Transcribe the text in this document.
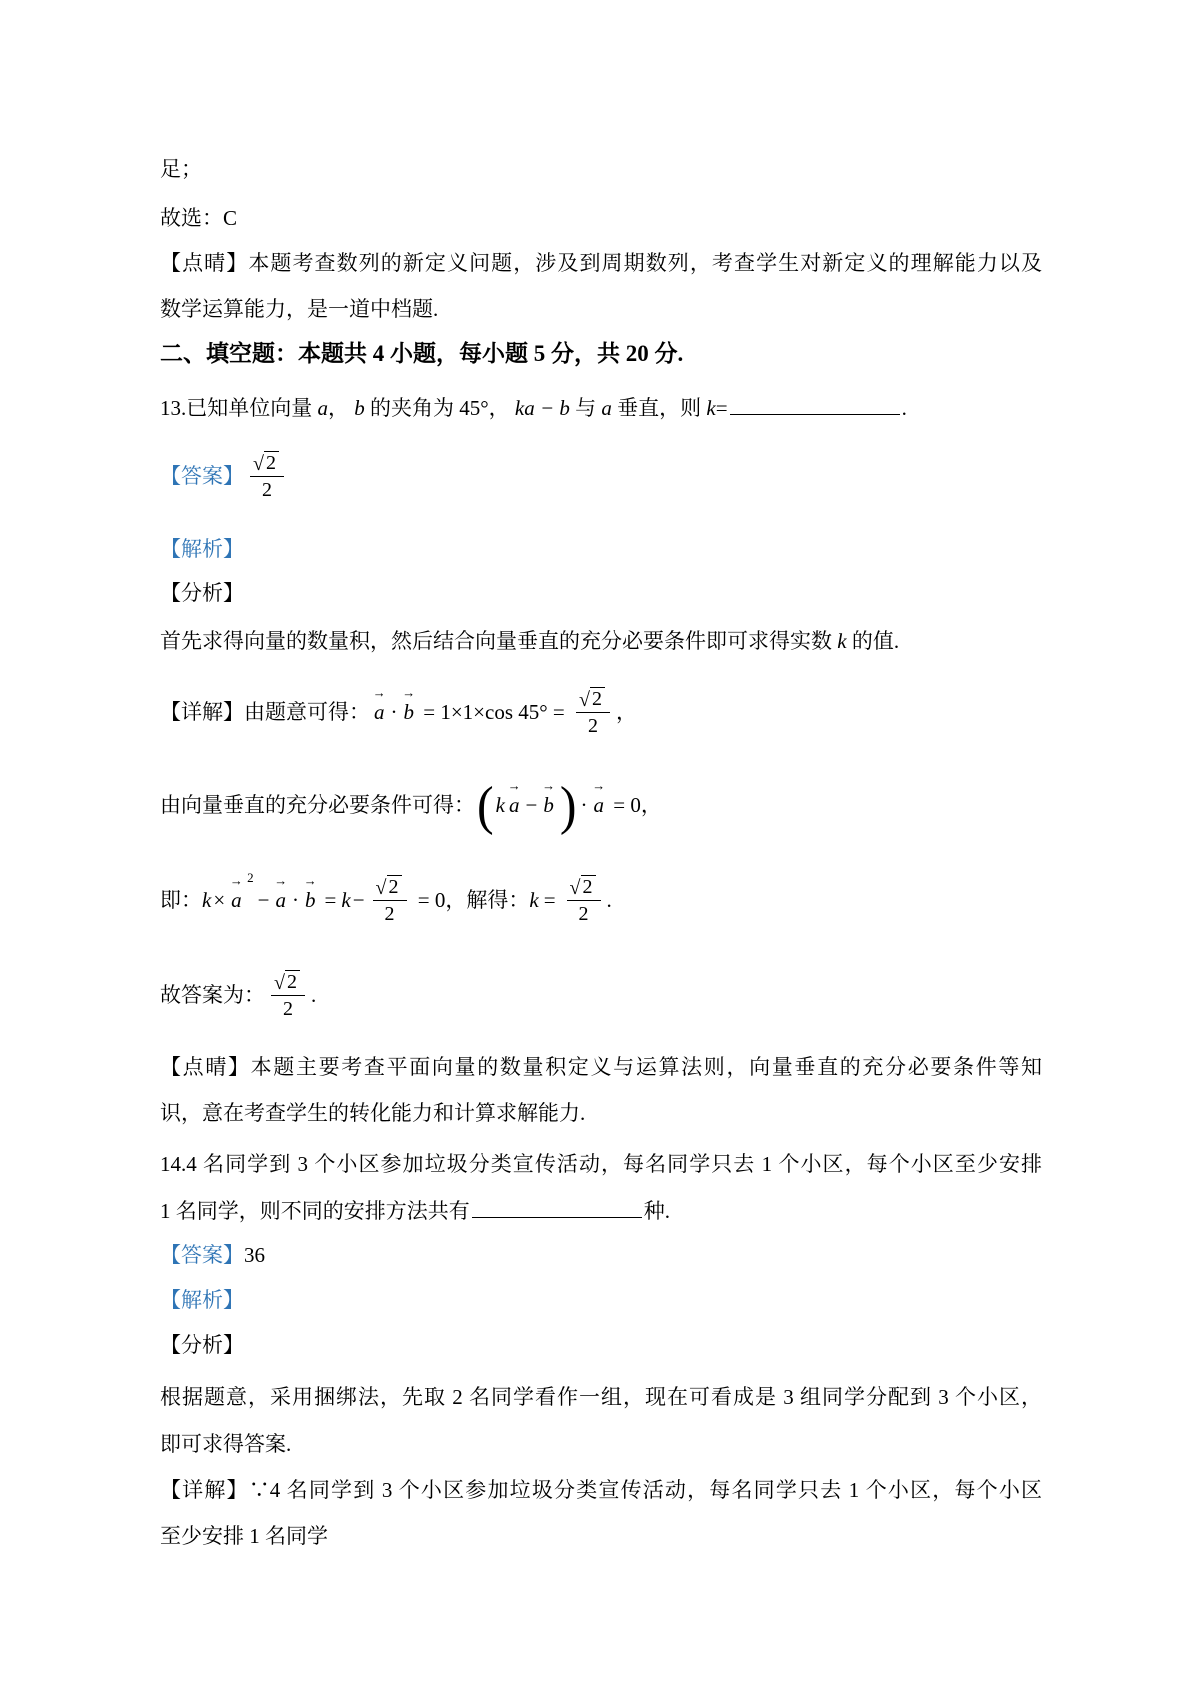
足；
故选：C
【点晴】本题考查数列的新定义问题，涉及到周期数列，考查学生对新定义的理解能力以及
数学运算能力，是一道中档题.
二、填空题：本题共 4 小题，每小题 5 分，共 20 分.
13.已知单位向量 a， b 的夹角为 45°， ka − b 与 a 垂直，则 k=	.
【答案】 $\frac{√ 2}{2}$
【解析】
【分析】
首先求得向量的数量积，然后结合向量垂直的充分必要条件即可求得实数 k 的值.
【详解】 由题意可得：
→
a ·
→
b = 1×1×cos $45^\circ = \frac{√ 2}{2}$ ，
由向量垂直的充分必要条件可得： ( k
→
a −
→
b ) ·
→
a = 0，
即： k ×
→ 2
a −
→
a ·
→
$b = k - \frac{√ 2}{2} = 0$ ，解得： $k = \frac{√ 2}{2}$ .
故答案为： $\frac{√ 2}{2}$ .
【点晴】本题主要考查平面向量的数量积定义与运算法则，向量垂直的充分必要条件等知
识，意在考查学生的转化能力和计算求解能力.
14.4 名同学到 3 个小区参加垃圾分类宣传活动，每名同学只去 1 个小区，每个小区至少安排
1 名同学，则不同的安排方法共有	种.
【答案】36
【解析】
【分析】
根据题意，采用捆绑法，先取 2 名同学看作一组，现在可看成是 3 组同学分配到 3 个小区，
即可求得答案.
【详解】∵4 名同学到 3 个小区参加垃圾分类宣传活动，每名同学只去 1 个小区，每个小区
至少安排 1 名同学
